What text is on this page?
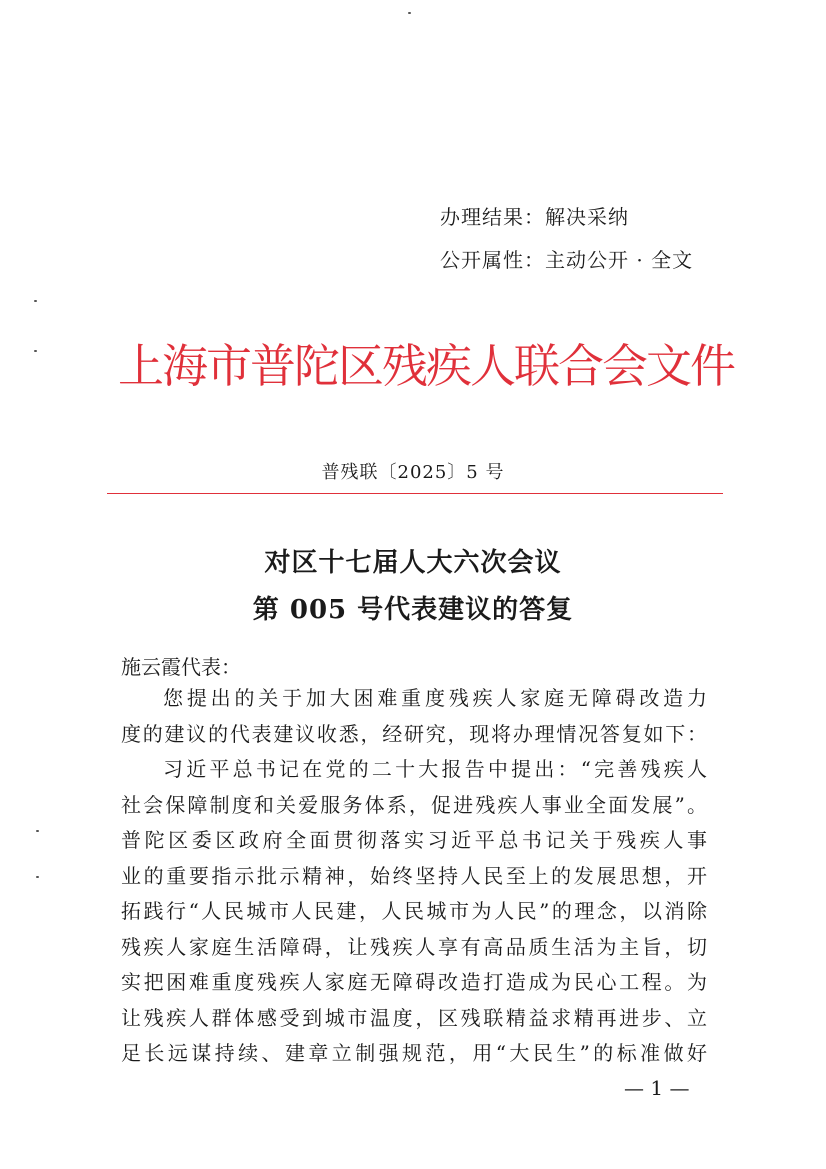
办理结果：解决采纳
公开属性：主动公开 · 全文
上海市普陀区残疾人联合会文件
普残联〔2025〕5 号
对区十七届人大六次会议
第 005 号代表建议的答复
施云霞代表：
您提出的关于加大困难重度残疾人家庭无障碍改造力
度的建议的代表建议收悉，经研究，现将办理情况答复如下：
习近平总书记在党的二十大报告中提出：“完善残疾人
社会保障制度和关爱服务体系，促进残疾人事业全面发展”。
普陀区委区政府全面贯彻落实习近平总书记关于残疾人事
业的重要指示批示精神，始终坚持人民至上的发展思想，开
拓践行“人民城市人民建，人民城市为人民”的理念，以消除
残疾人家庭生活障碍，让残疾人享有高品质生活为主旨，切
实把困难重度残疾人家庭无障碍改造打造成为民心工程。为
让残疾人群体感受到城市温度，区残联精益求精再进步、立
足长远谋持续、建章立制强规范，用“大民生”的标准做好
— 1 —
